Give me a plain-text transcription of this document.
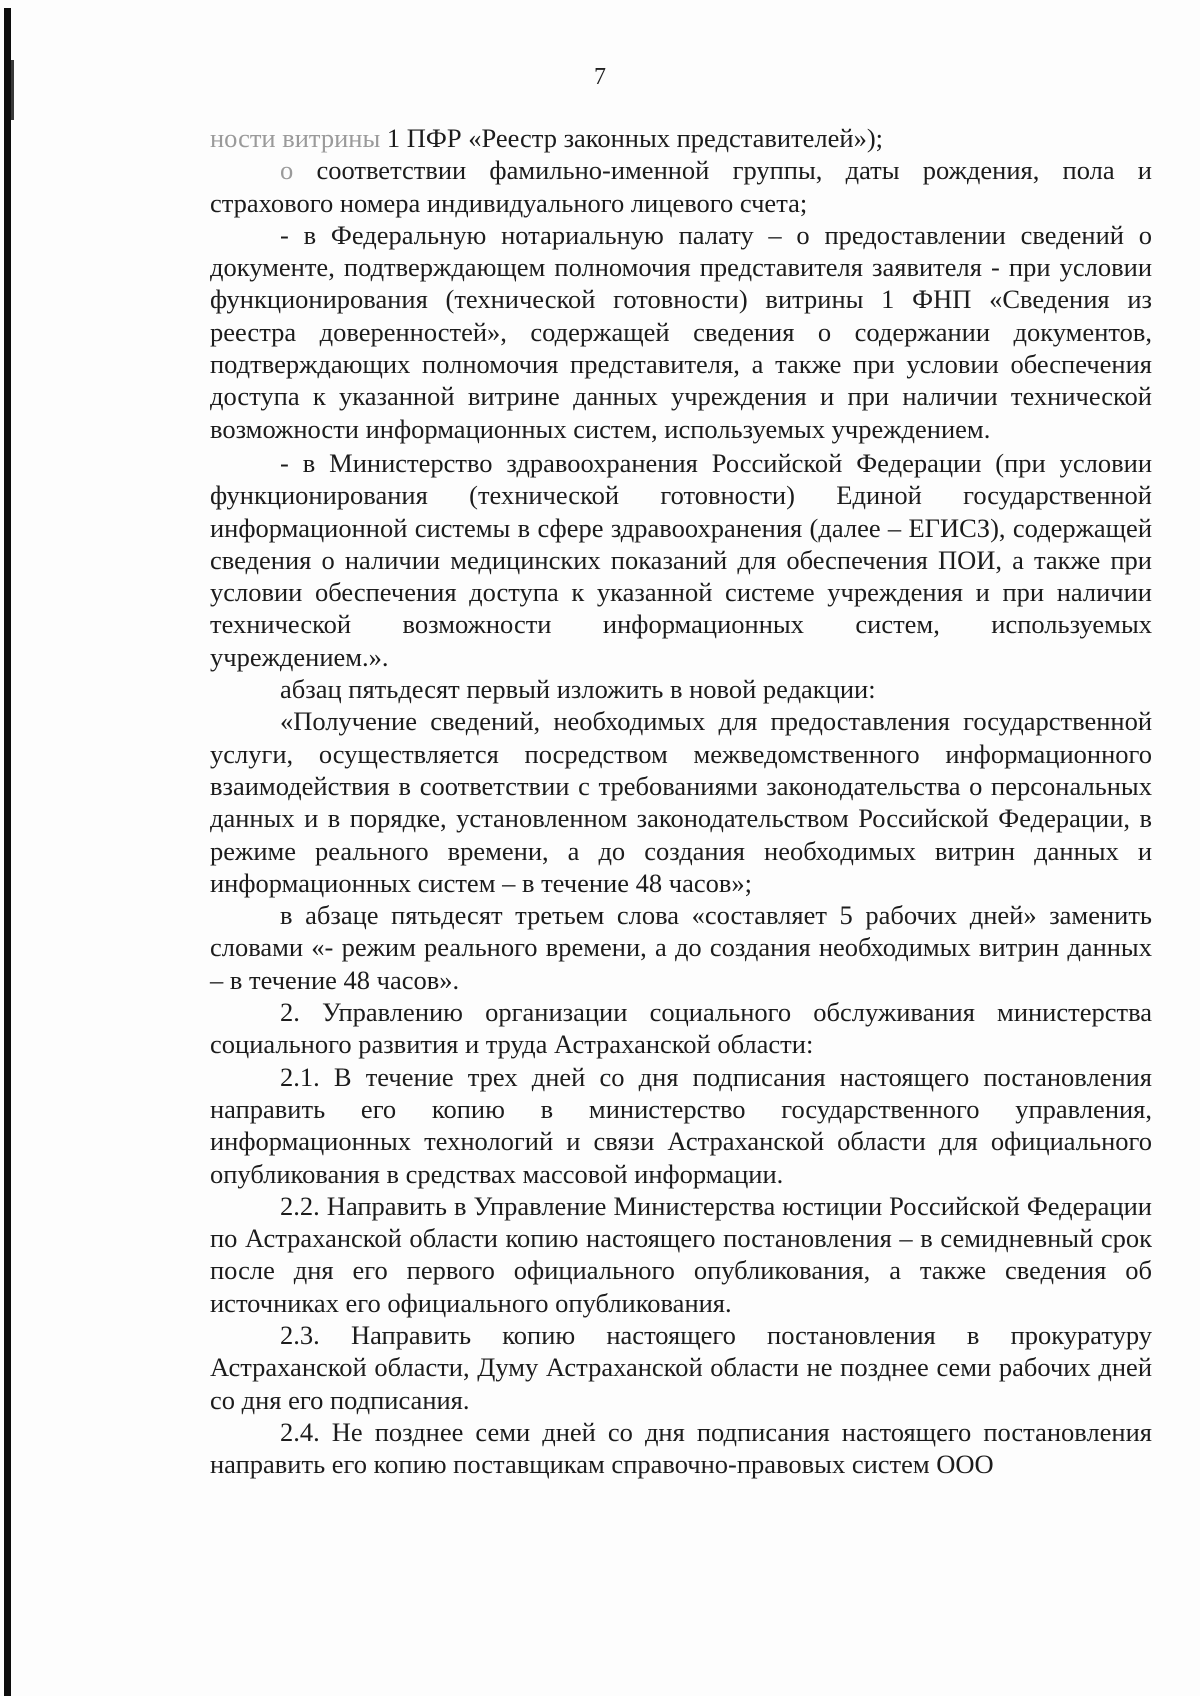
7

ности витрины 1 ПФР «Реестр законных представителей»);

о соответствии фамильно-именной группы, даты рождения, пола и страхового номера индивидуального лицевого счета;

- в Федеральную нотариальную палату – о предоставлении сведений о документе, подтверждающем полномочия представителя заявителя - при условии функционирования (технической готовности) витрины 1 ФНП «Сведения из реестра доверенностей», содержащей сведения о содержании документов, подтверждающих полномочия представителя, а также при условии обеспечения доступа к указанной витрине данных учреждения и при наличии технической возможности информационных систем, используемых учреждением.

- в Министерство здравоохранения Российской Федерации (при условии функционирования (технической готовности) Единой государственной информационной системы в сфере здравоохранения (далее – ЕГИСЗ), содержащей сведения о наличии медицинских показаний для обеспечения ПОИ, а также при условии обеспечения доступа к указанной системе учреждения и при наличии технической возможности информационных систем, используемых учреждением.».

абзац пятьдесят первый изложить в новой редакции:

«Получение сведений, необходимых для предоставления государственной услуги, осуществляется посредством межведомственного информационного взаимодействия в соответствии с требованиями законодательства о персональных данных и в порядке, установленном законодательством Российской Федерации, в режиме реального времени, а до создания необходимых витрин данных и информационных систем – в течение 48 часов»;

в абзаце пятьдесят третьем слова «составляет 5 рабочих дней» заменить словами «- режим реального времени, а до создания необходимых витрин данных – в течение 48 часов».

2. Управлению организации социального обслуживания министерства социального развития и труда Астраханской области:

2.1. В течение трех дней со дня подписания настоящего постановления направить его копию в министерство государственного управления, информационных технологий и связи Астраханской области для официального опубликования в средствах массовой информации.

2.2. Направить в Управление Министерства юстиции Российской Федерации по Астраханской области копию настоящего постановления – в семидневный срок после дня его первого официального опубликования, а также сведения об источниках его официального опубликования.

2.3. Направить копию настоящего постановления в прокуратуру Астраханской области, Думу Астраханской области не позднее семи рабочих дней со дня его подписания.

2.4. Не позднее семи дней со дня подписания настоящего постановления направить его копию поставщикам справочно-правовых систем ООО
